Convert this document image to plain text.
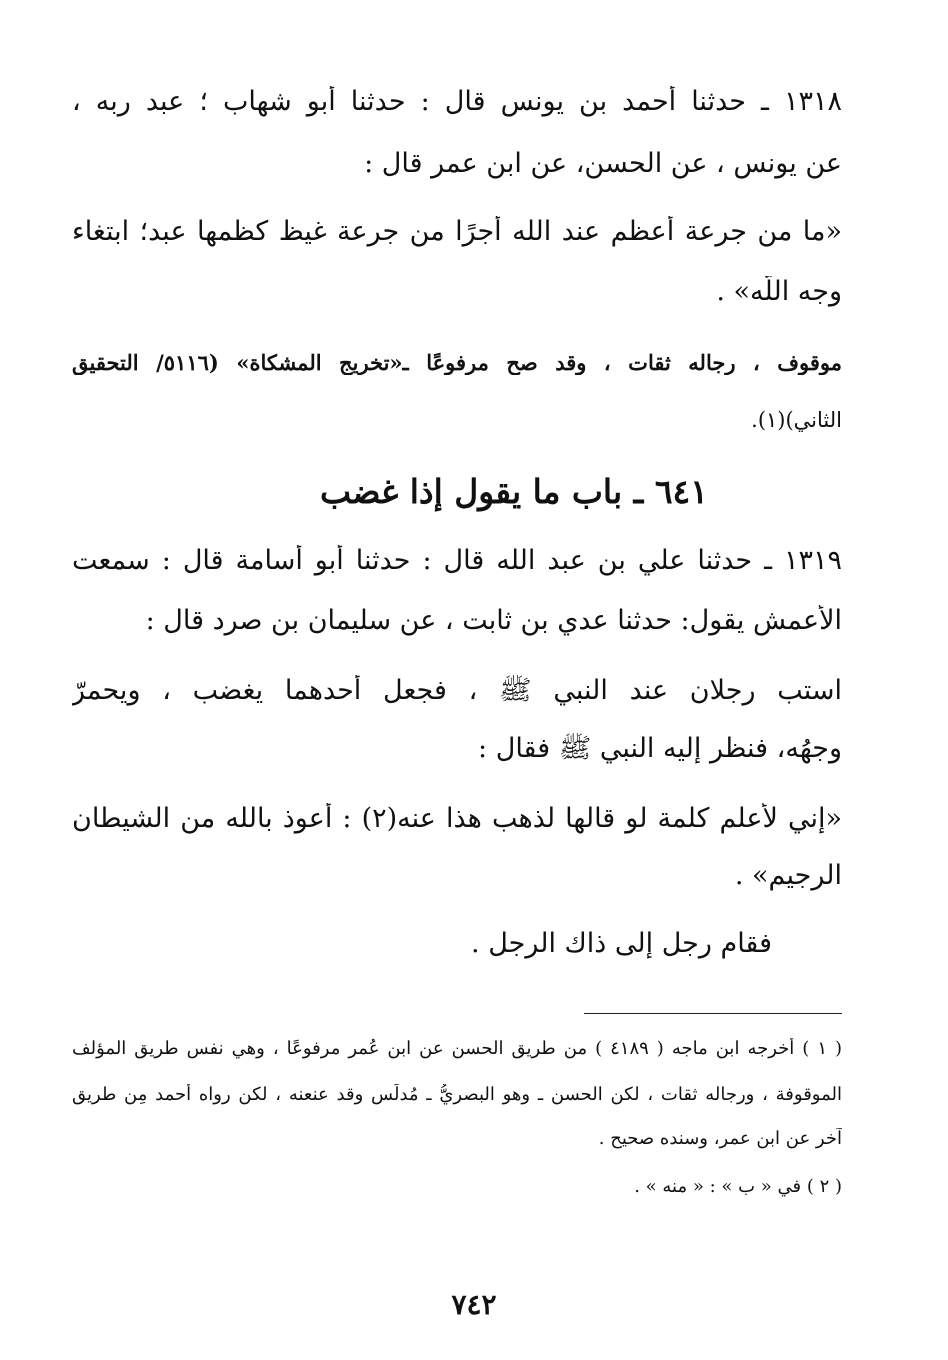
١٣١٨ ـ حدثنا أحمد بن يونس قال : حدثنا أبو شهاب ؛ عبد ربه ،
عن يونس ، عن الحسن، عن ابن عمر قال :
«ما من جرعة أعظم عند الله أجرًا من جرعة غيظ كظمها عبد؛ ابتغاء
وجه اللّه» .
موقوف ، رجاله ثقات ، وقد صح مرفوعًا ـ«تخريج المشكاة» (٥١١٦/ التحقيق
الثاني)(١).
٦٤١ ـ باب ما يقول إذا غضب
١٣١٩ ـ حدثنا علي بن عبد الله قال : حدثنا أبو أسامة قال : سمعت
الأعمش يقول: حدثنا عدي بن ثابت ، عن سليمان بن صرد قال :
استب رجلان عند النبي ﷺ ، فجعل أحدهما يغضب ، ويحمرّ
وجهُه، فنظر إليه النبي ﷺ فقال :
«إني لأعلم كلمة لو قالها لذهب هذا عنه(٢) : أعوذ بالله من الشيطان
الرجيم» .
فقام رجل إلى ذاك الرجل .
( ١ ) أخرجه ابن ماجه ( ٤١٨٩ ) من طريق الحسن عن ابن عُمر مرفوعًا ، وهي نفس طريق المؤلف
الموقوفة ، ورجاله ثقات ، لكن الحسن ـ وهو البصريُّ ـ مُدلِّس وقد عنعنه ، لكن رواه أحمد مِن طريق
آخر عن ابن عمر، وسنده صحيح .
( ٢ ) في « ب » : « منه » .
٧٤٢
